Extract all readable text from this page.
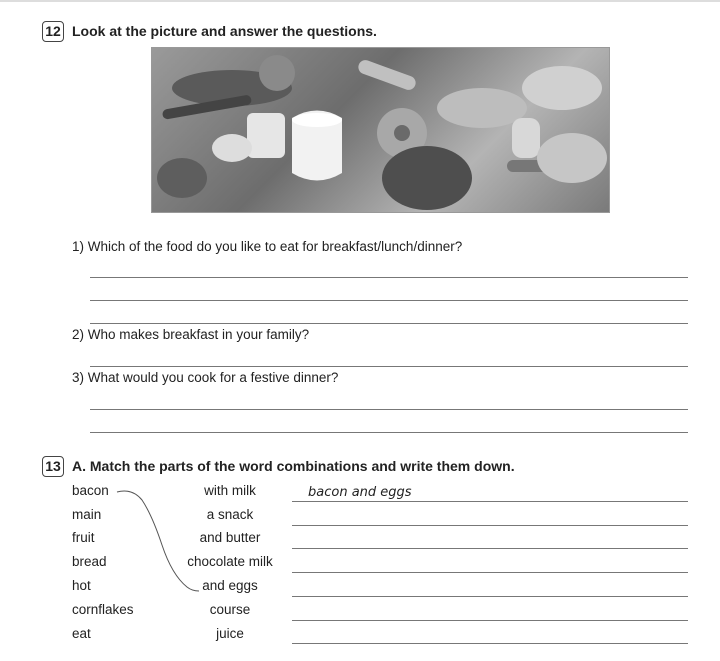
12 Look at the picture and answer the questions.
1) Which of the food do you like to eat for breakfast/lunch/dinner?
2) Who makes breakfast in your family?
3) What would you cook for a festive dinner?
13 A. Match the parts of the word combinations and write them down.
bacon
main
fruit
bread
hot
cornflakes
eat
with milk
a snack
and butter
chocolate milk
and eggs
course
juice
bacon and eggs
